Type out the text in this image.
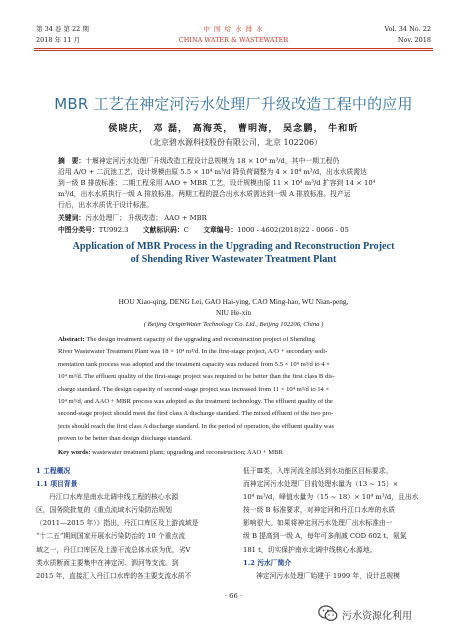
第 34 卷 第 22 期
2018 年 11 月
中 国 给 水 排 水
CHINA WATER & WASTEWATER
Vol. 34 No. 22
Nov. 2018
MBR 工艺在神定河污水处理厂升级改造工程中的应用
侯晓庆， 邓 磊， 高海英， 曹明海， 吴念鹏， 牛和昕
（北京碧水源科技股份有限公司，北京 102206）
摘　要：十堰神定河污水处理厂升级改造工程设计总规模为 18 × 10⁴ m³/d，其中一期工程仍
沿用 A/O + 二沉池工艺，设计规模由原 5.5 × 10⁴ m³/d 降负荷调整为 4 × 10⁴ m³/d，出水水质需达
到一级 B 排放标准；二期工程采用 AAO + MBR 工艺，设计规模由原 11 × 10⁴ m³/d 扩容到 14 × 10⁴
m³/d，出水水质执行一级 A 排放标准。两期工程的混合出水水质需达到一级 A 排放标准。投产运
行后，出水水质优于设计标准。
关键词：污水处理厂； 升级改造； AAO + MBR
中图分类号：TU992.3 文献标识码：C 文章编号：1000 - 4602(2018)22 - 0066 - 05
Application of MBR Process in the Upgrading and Reconstruction Project
of Shending River Wastewater Treatment Plant
HOU Xiao-qing, DENG Lei, GAO Hai-ying, CAO Ming-hao, WU Nian-peng,
NIU He-xin
( Beijing OriginWater Technology Co. Ltd., Beijing 102206, China )
Abstract: The design treatment capacity of the upgrading and reconstruction project of Shending
River Wastewater Treatment Plant was 18 × 10⁴ m³/d. In the first-stage project, A/O + secondary sedi-
mentation tank process was adopted and the treatment capacity was reduced from 5.5 × 10⁴ m³/d to 4 ×
10⁴ m³/d. The effluent quality of the first-stage project was required to be better than the first class B dis-
charge standard. The design capacity of second-stage project was increased from 11 × 10⁴ m³/d to 14 ×
10⁴ m³/d, and AAO + MBR process was adopted as the treatment technology. The effluent quality of the
second-stage project should meet the first class A discharge standard. The mixed effluent of the two pro-
jects should reach the first class A discharge standard. In the period of operation, the effluent quality was
proven to be better than design discharge standard.
Key words: wastewater treatment plant; upgrading and reconstruction; AAO + MBR
1 工程概况
1.1 项目背景
丹江口水库是南水北调中线工程的核心水源
区，国务院批复的《重点流域水污染防治规划
（2011—2015 年）》指出，丹江口库区及上游流域是
“十二五”期间国家开展水污染防治的 10 个重点流
域之一，丹江口库区及上游干流总体水质为优，劣Ⅴ
类水质断面主要集中在神定河、泗河等支流。到
2015 年，直接汇入丹江口水库的各主要支流水质不
低于Ⅲ类，入库河流全部达到水功能区目标要求。
而神定河污水处理厂目前处理水量为（13 ~ 15）×
10⁴ m³/d，峰值水量为（15 ~ 18）× 10⁴ m³/d，且出水
按一级 B 标准要求，对神定河和丹江口水库的水质
影响很大。如果将神定河污水处理厂出水标准由一
级 B 提高到一级 A，每年可多削减 COD 602 t、氨氮
181 t，切实保护南水北调中线核心水源地。
1.2 污水厂简介
神定河污水处理厂始建于 1999 年，设计总规模
· 66 ·
污水资源化利用
